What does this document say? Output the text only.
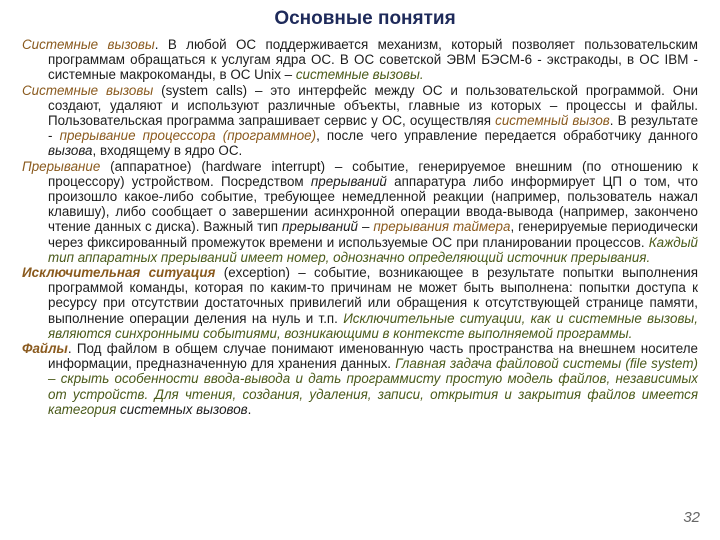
Основные понятия

Системные вызовы. В любой ОС поддерживается механизм, который позволяет пользовательским программам обращаться к услугам ядра ОС. В ОС советской ЭВМ БЭСМ-6 - экстракоды, в ОС IBM - системные макрокоманды, в ОС Unix – системные вызовы.

Системные вызовы (system calls) – это интерфейс между ОС и пользовательской программой. Они создают, удаляют и используют различные объекты, главные из которых – процессы и файлы. Пользовательская программа запрашивает сервис у ОС, осуществляя системный вызов. В результате - прерывание процессора (программное), после чего управление передается обработчику данного вызова, входящему в ядро ОС.

Прерывание (аппаратное) (hardware interrupt) – событие, генерируемое внешним (по отношению к процессору) устройством. Посредством прерываний аппаратура либо информирует ЦП о том, что произошло какое-либо событие, требующее немедленной реакции (например, пользователь нажал клавишу), либо сообщает о завершении асинхронной операции ввода-вывода (например, закончено чтение данных с диска). Важный тип прерываний – прерывания таймера, генерируемые периодически через фиксированный промежуток времени и используемые ОС при планировании процессов. Каждый тип аппаратных прерываний имеет номер, однозначно определяющий источник прерывания.

Исключительная ситуация (exception) – событие, возникающее в результате попытки выполнения программой команды, которая по каким-то причинам не может быть выполнена: попытки доступа к ресурсу при отсутствии достаточных привилегий или обращения к отсутствующей странице памяти, выполнение операции деления на нуль и т.п. Исключительные ситуации, как и системные вызовы, являются синхронными событиями, возникающими в контексте выполняемой программы.

Файлы. Под файлом в общем случае понимают именованную часть пространства на внешнем носителе информации, предназначенную для хранения данных. Главная задача файловой системы (file system) – скрыть особенности ввода-вывода и дать программисту простую модель файлов, независимых от устройств. Для чтения, создания, удаления, записи, открытия и закрытия файлов имеется категория системных вызовов.

32
